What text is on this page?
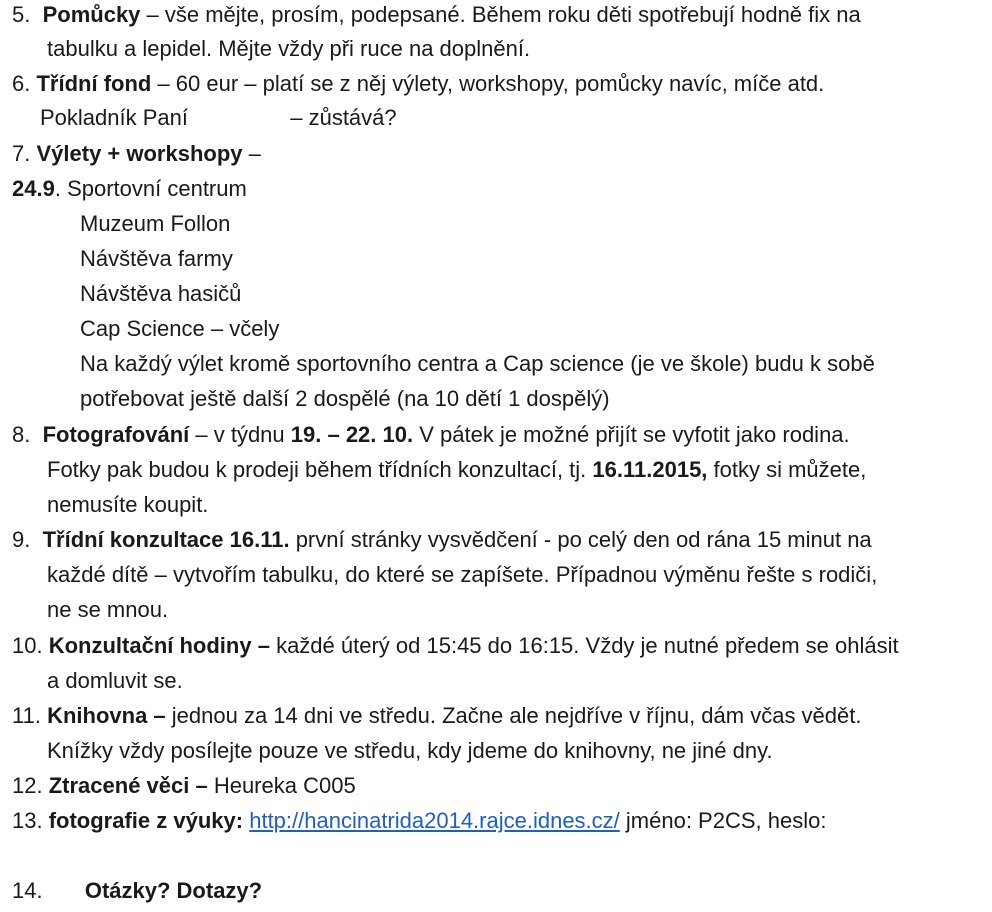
5. Pomůcky – vše mějte, prosím, podepsané. Během roku děti spotřebují hodně fix na
tabulku a lepidel. Mějte vždy při ruce na doplnění.
6. Třídní fond – 60 eur – platí se z něj výlety, workshopy, pomůcky navíc, míče atd.
Pokladník Paní	– zůstává?
7. Výlety + workshopy –
24.9. Sportovní centrum
Muzeum Follon
Návštěva farmy
Návštěva hasičů
Cap Science – včely
Na každý výlet kromě sportovního centra a Cap science (je ve škole) budu k sobě
potřebovat ještě další 2 dospělé (na 10 dětí 1 dospělý)
8. Fotografování – v týdnu 19. – 22. 10. V pátek je možné přijít se vyfotit jako rodina.
Fotky pak budou k prodeji během třídních konzultací, tj. 16.11.2015, fotky si můžete,
nemusíte koupit.
9. Třídní konzultace 16.11. první stránky vysvědčení - po celý den od rána 15 minut na
každé dítě – vytvořím tabulku, do které se zapíšete. Případnou výměnu řešte s rodiči,
ne se mnou.
10. Konzultační hodiny – každé úterý od 15:45 do 16:15. Vždy je nutné předem se ohlásit
a domluvit se.
11. Knihovna – jednou za 14 dni ve středu. Začne ale nejdříve v říjnu, dám včas vědět.
Knížky vždy posílejte pouze ve středu, kdy jdeme do knihovny, ne jiné dny.
12. Ztracené věci – Heureka C005
13. fotografie z výuky: http://hancinatrida2014.rajce.idnes.cz/ jméno: P2CS, heslo:
14. Otázky? Dotazy?
